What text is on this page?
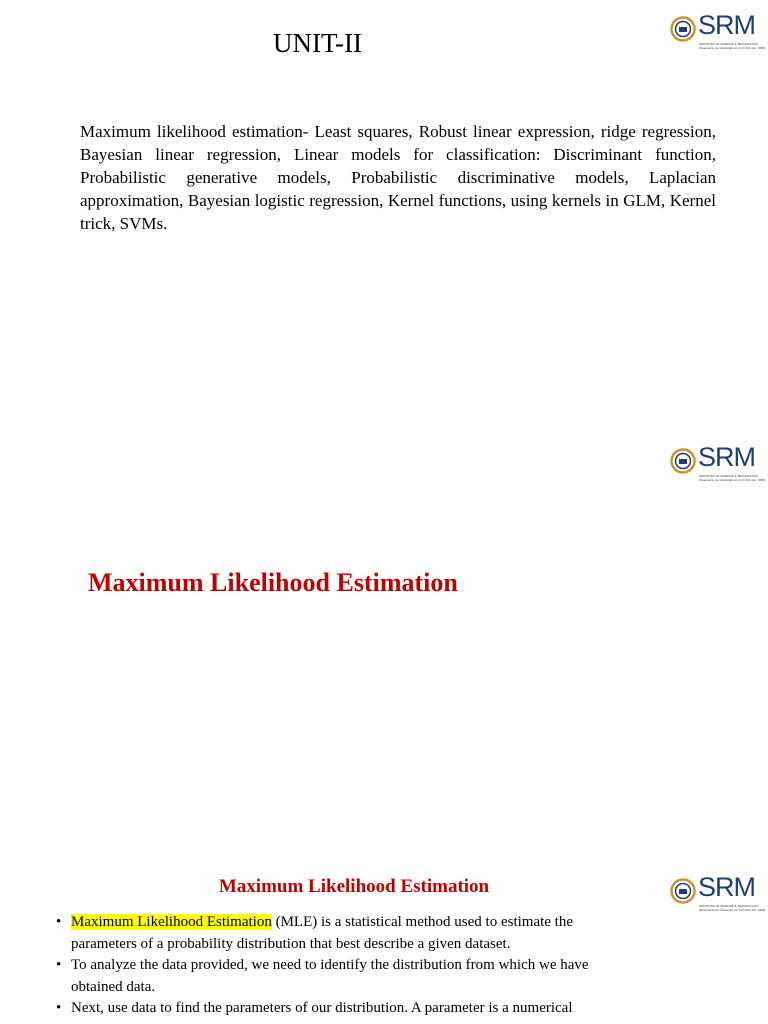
SRM
INSTITUTE OF SCIENCE & TECHNOLOGY
(Deemed to be University u/s 3 of UGC Act, 1956)
UNIT-II
Maximum likelihood estimation- Least squares, Robust linear expression, ridge regression, Bayesian linear regression, Linear models for classification: Discriminant function, Probabilistic generative models, Probabilistic discriminative models, Laplacian approximation, Bayesian logistic regression, Kernel functions, using kernels in GLM, Kernel trick, SVMs.
SRM
INSTITUTE OF SCIENCE & TECHNOLOGY
(Deemed to be University u/s 3 of UGC Act, 1956)
Maximum Likelihood Estimation
SRM
INSTITUTE OF SCIENCE & TECHNOLOGY
(Deemed to be University u/s 3 of UGC Act, 1956)
Maximum Likelihood Estimation
• Maximum Likelihood Estimation (MLE) is a statistical method used to estimate the parameters of a probability distribution that best describe a given dataset.
• To analyze the data provided, we need to identify the distribution from which we have obtained data.
• Next, use data to find the parameters of our distribution. A parameter is a numerical
